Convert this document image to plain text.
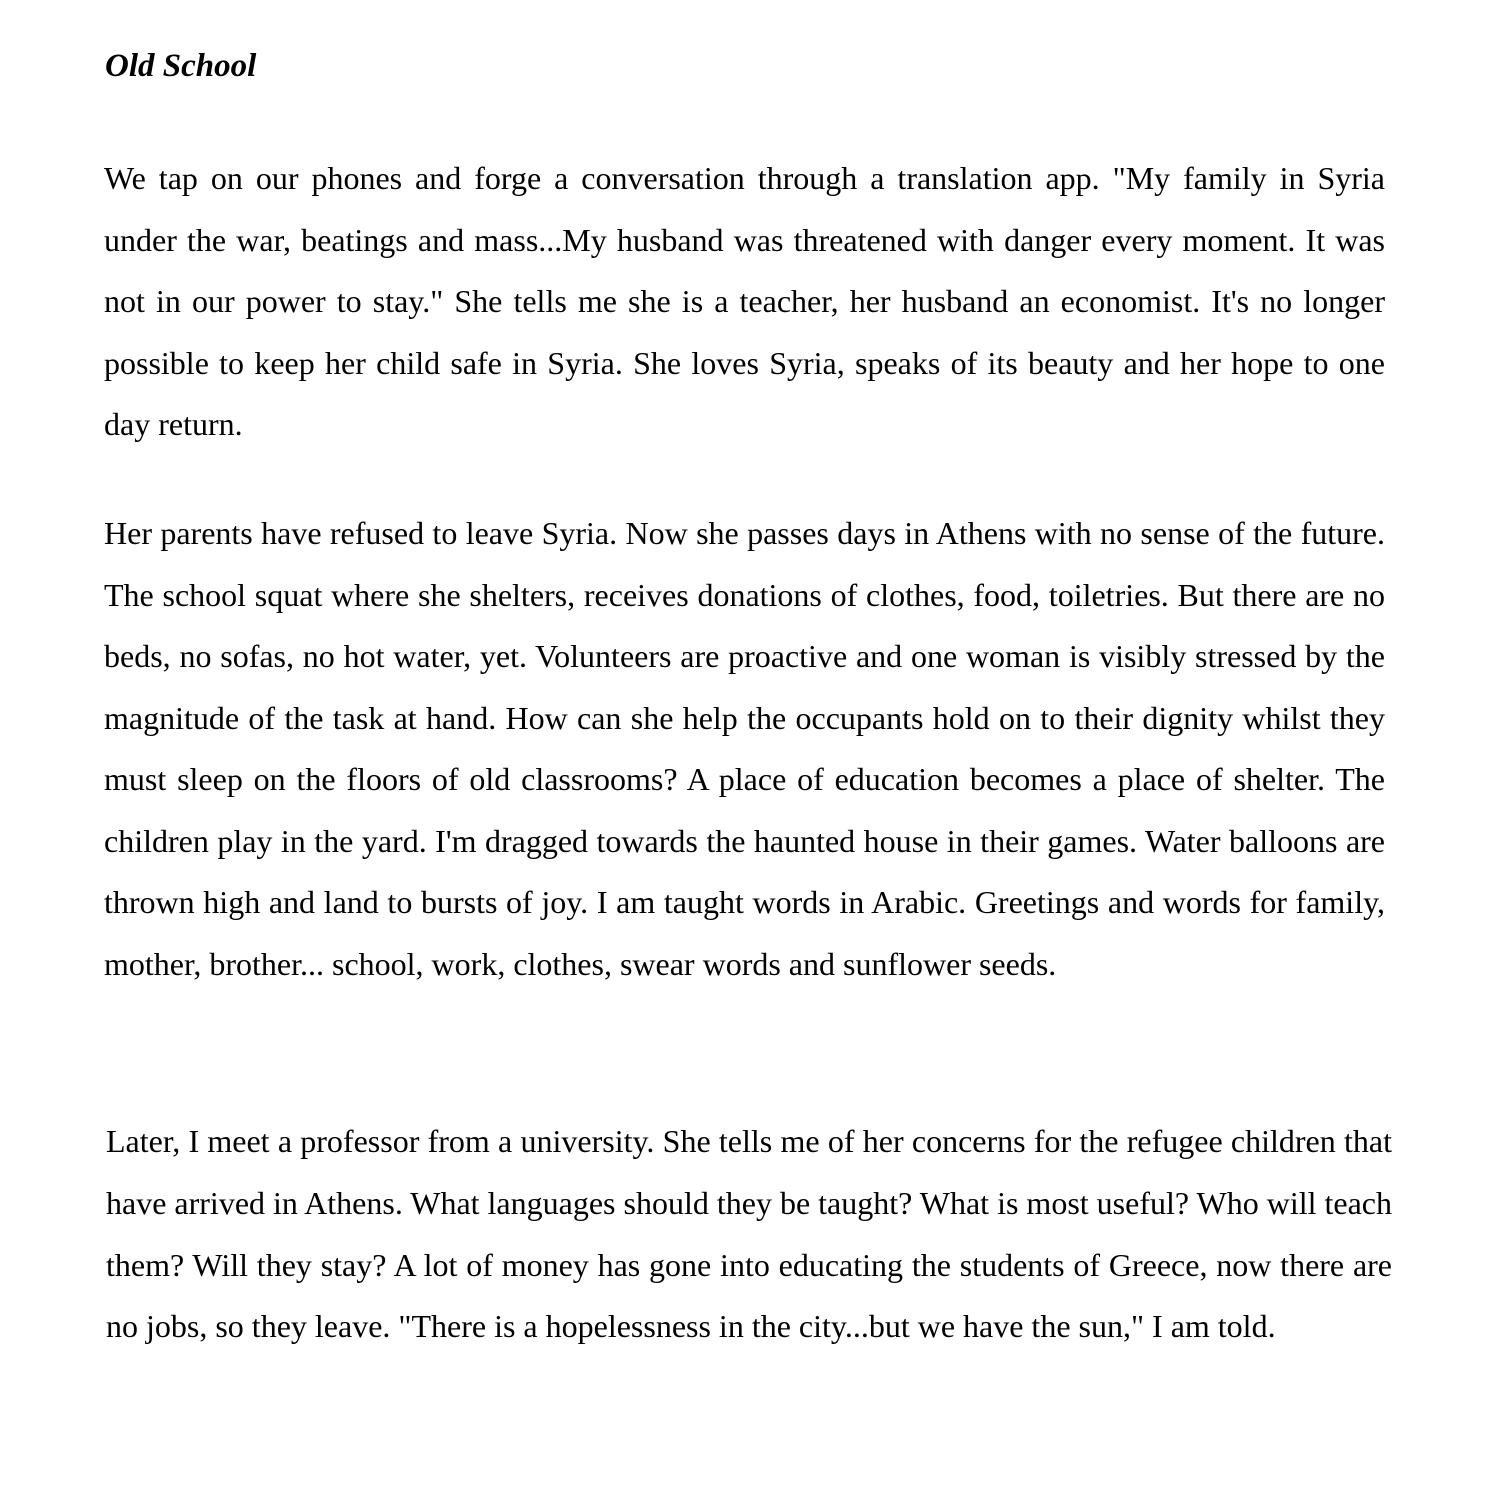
Old School

We tap on our phones and forge a conversation through a translation app. "My family in Syria under the war, beatings and mass...My husband was threatened with danger every moment. It was not in our power to stay." She tells me she is a teacher, her husband an economist. It's no longer possible to keep her child safe in Syria. She loves Syria, speaks of its beauty and her hope to one day return.

Her parents have refused to leave Syria. Now she passes days in Athens with no sense of the future. The school squat where she shelters, receives donations of clothes, food, toiletries. But there are no beds, no sofas, no hot water, yet. Volunteers are proactive and one woman is visibly stressed by the magnitude of the task at hand. How can she help the occupants hold on to their dignity whilst they must sleep on the floors of old classrooms? A place of education becomes a place of shelter. The children play in the yard. I'm dragged towards the haunted house in their games. Water balloons are thrown high and land to bursts of joy. I am taught words in Arabic. Greetings and words for family, mother, brother... school, work, clothes, swear words and sunflower seeds.

Later, I meet a professor from a university. She tells me of her concerns for the refugee children that have arrived in Athens. What languages should they be taught? What is most useful? Who will teach them? Will they stay? A lot of money has gone into educating the students of Greece, now there are no jobs, so they leave. "There is a hopelessness in the city...but we have the sun," I am told.
